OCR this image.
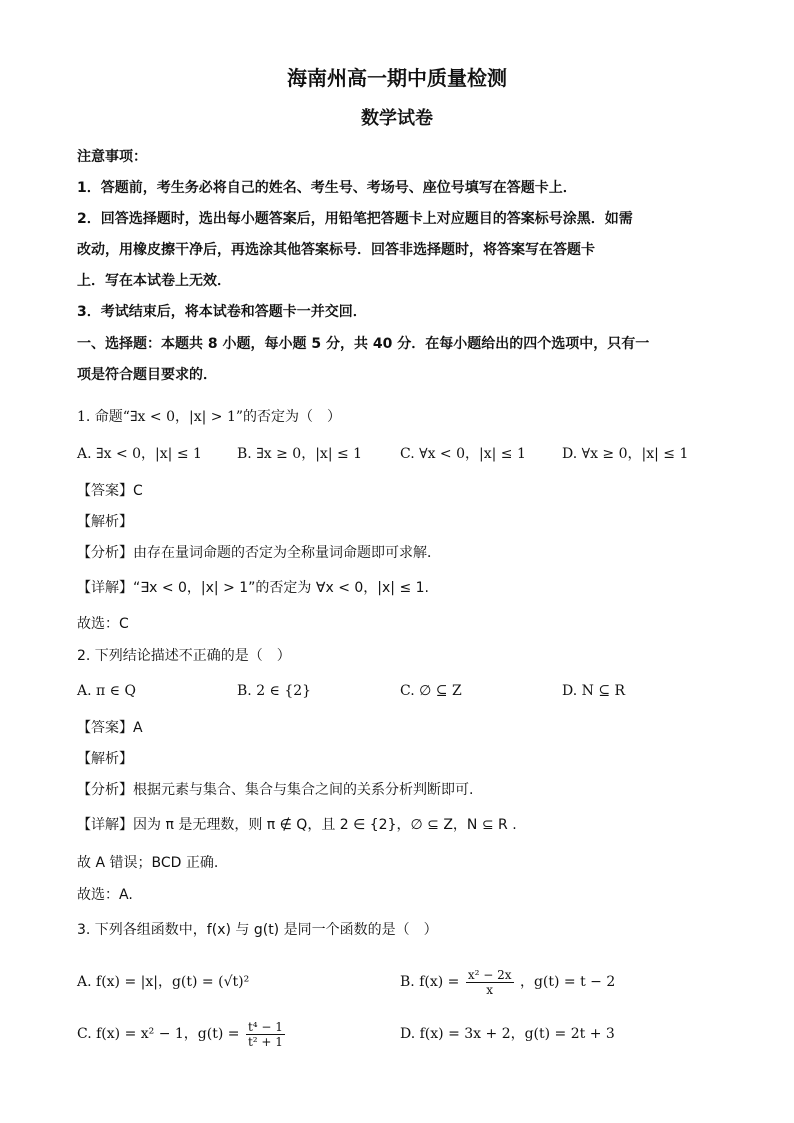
海南州高一期中质量检测
数学试卷
注意事项：
1．答题前，考生务必将自己的姓名、考生号、考场号、座位号填写在答题卡上．
2．回答选择题时，选出每小题答案后，用铅笔把答题卡上对应题目的答案标号涂黑．如需
改动，用橡皮擦干净后，再选涂其他答案标号．回答非选择题时，将答案写在答题卡
上．写在本试卷上无效．
3．考试结束后，将本试卷和答题卡一并交回．
一、选择题：本题共 8 小题，每小题 5 分，共 40 分．在每小题给出的四个选项中，只有一
项是符合题目要求的．
1. 命题“∃x < 0，|x| > 1”的否定为（　）
A. ∃x < 0，|x| ≤ 1	B. ∃x ≥ 0，|x| ≤ 1	C. ∀x < 0，|x| ≤ 1	D. ∀x ≥ 0，|x| ≤ 1
【答案】C
【解析】
【分析】由存在量词命题的否定为全称量词命题即可求解．
【详解】“∃x < 0，|x| > 1”的否定为 ∀x < 0，|x| ≤ 1.
故选：C
2. 下列结论描述不正确的是（　）
A. π ∈ Q	B. 2 ∈ {2}	C. ∅ ⊆ Z	D. N ⊆ R
【答案】A
【解析】
【分析】根据元素与集合、集合与集合之间的关系分析判断即可.
【详解】因为 π 是无理数，则 π ∉ Q，且 2 ∈ {2}，∅ ⊆ Z，N ⊆ R .
故 A 错误；BCD 正确.
故选：A.
3. 下列各组函数中，f(x) 与 g(t) 是同一个函数的是（　）
A. f(x) = |x|，g(t) = (√t)²	B. $f(x) = \frac{\text{x² − 2x}}{x}$ ，g(t) = t − 2
C. f(x) = x² − 1，$g(t) = \frac{\text{t⁴ − 1}}{\text{t² + 1}}$	D. f(x) = 3x + 2，g(t) = 2t + 3
